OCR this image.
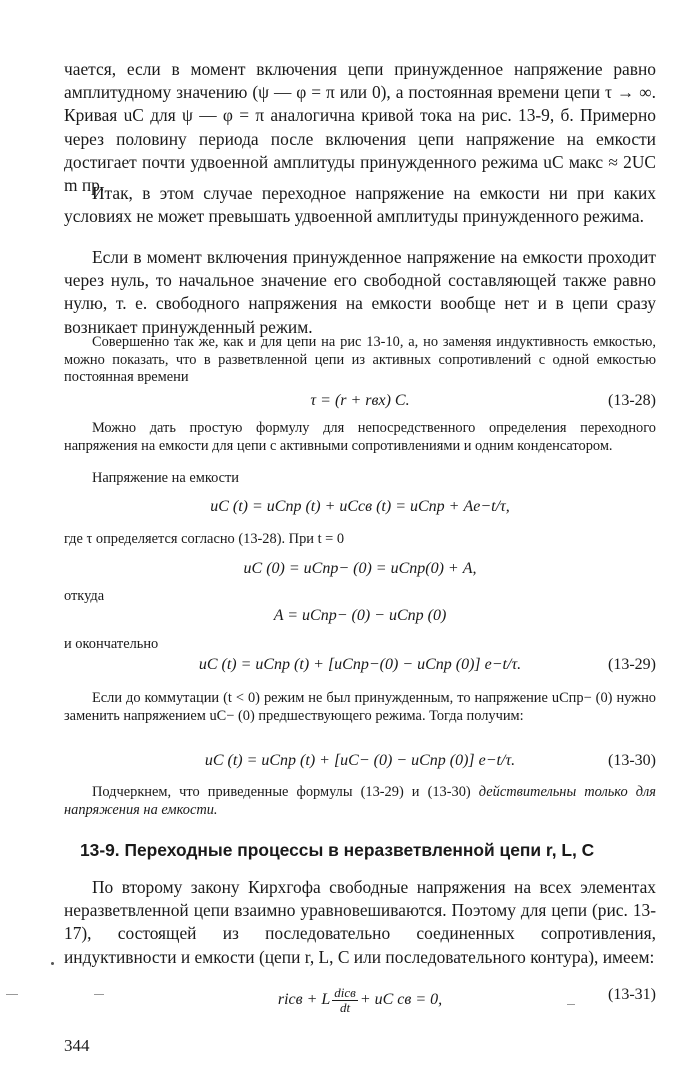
чается, если в момент включения цепи принужденное напряжение равно амплитудному значению (ψ — φ = π или 0), а постоянная времени цепи τ → ∞. Кривая uC для ψ — φ = π аналогична кривой тока на рис. 13-9, б. Примерно через половину периода после включения цепи напряжение на емкости достигает почти удвоенной амплитуды принужденного режима uC макс ≈ 2UC m пр.

Итак, в этом случае переходное напряжение на емкости ни при каких условиях не может превышать удвоенной амплитуды принужденного режима.

Если в момент включения принужденное напряжение на емкости проходит через нуль, то начальное значение его свободной составляющей также равно нулю, т. е. свободного напряжения на емкости вообще нет и в цепи сразу возникает принужденный режим.

Совершенно так же, как и для цепи на рис 13-10, а, но заменяя индуктивность емкостью, можно показать, что в разветвленной цепи из активных сопротивлений с одной емкостью постоянная времени

τ = (r + rвх) C.	(13-28)

Можно дать простую формулу для непосредственного определения переходного напряжения на емкости для цепи с активными сопротивлениями и одним конденсатором.

Напряжение на емкости

uC (t) = uCпр (t) + uCсв (t) = uCпр + Ae−t/τ,

где τ определяется согласно (13-28). При t = 0

uC (0) = uCпр− (0) = uCпр(0) + A,
откуда
A = uCпр− (0) − uCпр (0)
и окончательно
uC (t) = uCпр (t) + [uCпр−(0) − uCпр (0)] e−t/τ.	(13-29)

Если до коммутации (t < 0) режим не был принужденным, то напряжение uCпр− (0) нужно заменить напряжением uC− (0) предшествующего режима. Тогда получим:

uC (t) = uCпр (t) + [uC− (0) − uCпр (0)] e−t/τ.	(13-30)

Подчеркнем, что приведенные формулы (13-29) и (13-30) действительны только для напряжения на емкости.

13-9. Переходные процессы в неразветвленной цепи r, L, C

По второму закону Кирхгофа свободные напряжения на всех элементах неразветвленной цепи взаимно уравновешиваются. Поэтому для цепи (рис. 13-17), состоящей из последовательно соединенных сопротивления, индуктивности и емкости (цепи r, L, C или последовательного контура), имеем:

riсв + L $\frac{\text{diсв}}{dt}$ + uC св = 0,	(13-31)
344
